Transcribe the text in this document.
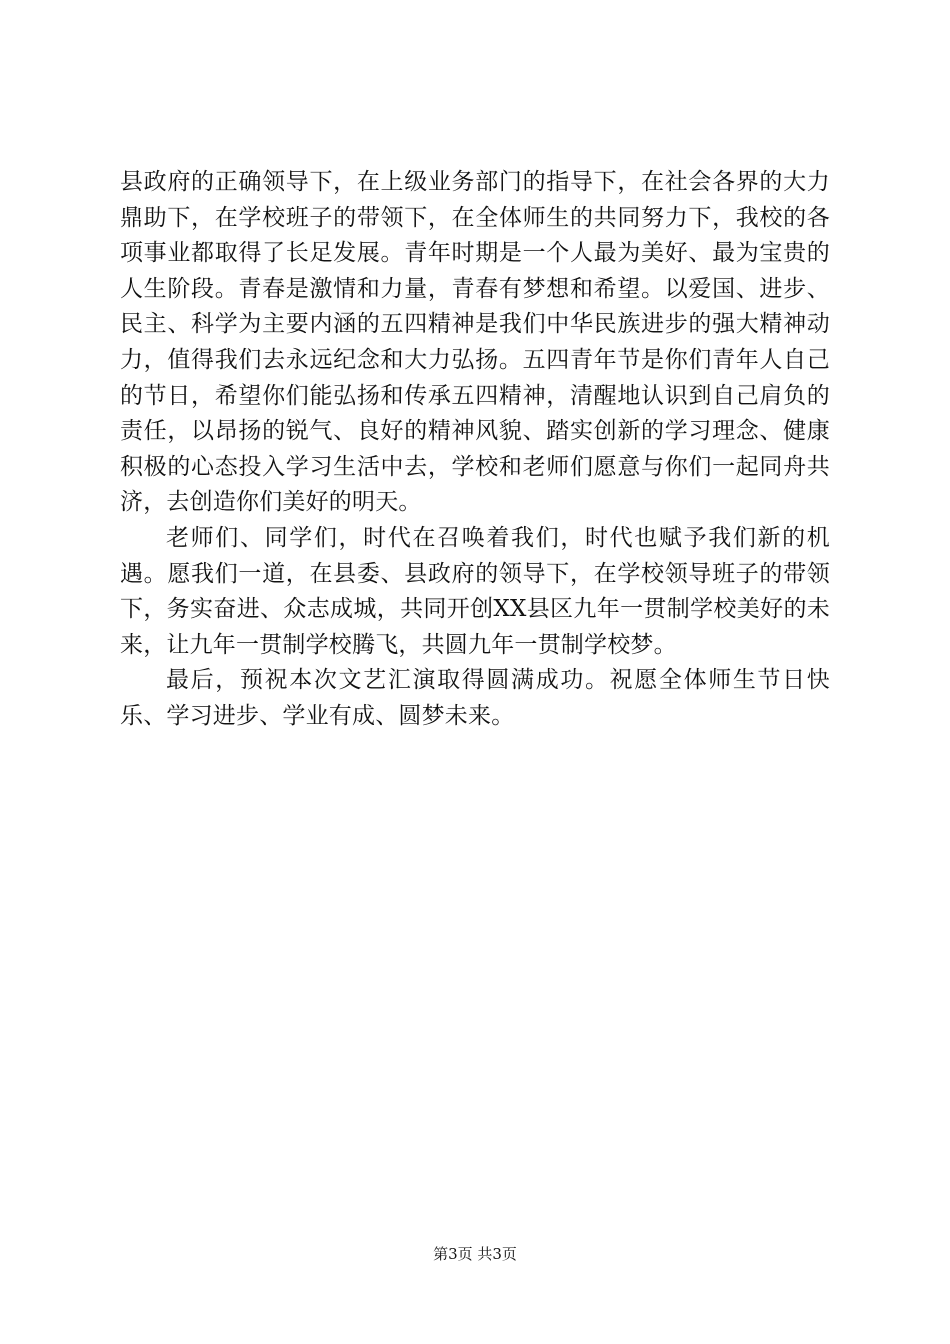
县政府的正确领导下，在上级业务部门的指导下，在社会各界的大力鼎助下，在学校班子的带领下，在全体师生的共同努力下，我校的各项事业都取得了长足发展。青年时期是一个人最为美好、最为宝贵的人生阶段。青春是激情和力量，青春有梦想和希望。以爱国、进步、民主、科学为主要内涵的五四精神是我们中华民族进步的强大精神动力，值得我们去永远纪念和大力弘扬。五四青年节是你们青年人自己的节日，希望你们能弘扬和传承五四精神，清醒地认识到自己肩负的责任，以昂扬的锐气、良好的精神风貌、踏实创新的学习理念、健康积极的心态投入学习生活中去，学校和老师们愿意与你们一起同舟共济，去创造你们美好的明天。

老师们、同学们，时代在召唤着我们，时代也赋予我们新的机遇。愿我们一道，在县委、县政府的领导下，在学校领导班子的带领下，务实奋进、众志成城，共同开创XX县区九年一贯制学校美好的未来，让九年一贯制学校腾飞，共圆九年一贯制学校梦。

最后，预祝本次文艺汇演取得圆满成功。祝愿全体师生节日快乐、学习进步、学业有成、圆梦未来。

第3页 共3页
